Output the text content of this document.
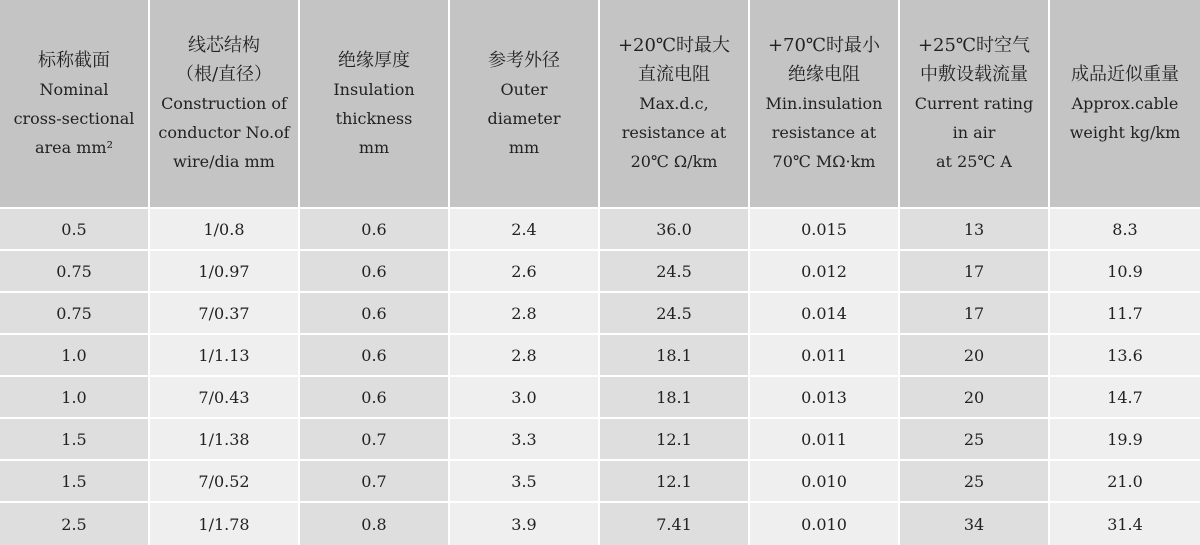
标称截面
Nominal
cross-sectional
area mm²	线芯结构
（根/直径）
Construction of
conductor No.of
wire/dia mm	绝缘厚度
Insulation
thickness
mm	参考外径
Outer
diameter
mm	+20℃时最大
直流电阻
Max.d.c,
resistance at
20℃ Ω/km	+70℃时最小
绝缘电阻
Min.insulation
resistance at
70℃ MΩ·km	+25℃时空气
中敷设载流量
Current rating
in air
at 25℃ A	成品近似重量
Approx.cable
weight kg/km

0.5	1/0.8	0.6	2.4	36.0	0.015	13	8.3
0.75	1/0.97	0.6	2.6	24.5	0.012	17	10.9
0.75	7/0.37	0.6	2.8	24.5	0.014	17	11.7
1.0	1/1.13	0.6	2.8	18.1	0.011	20	13.6
1.0	7/0.43	0.6	3.0	18.1	0.013	20	14.7
1.5	1/1.38	0.7	3.3	12.1	0.011	25	19.9
1.5	7/0.52	0.7	3.5	12.1	0.010	25	21.0
2.5	1/1.78	0.8	3.9	7.41	0.010	34	31.4
